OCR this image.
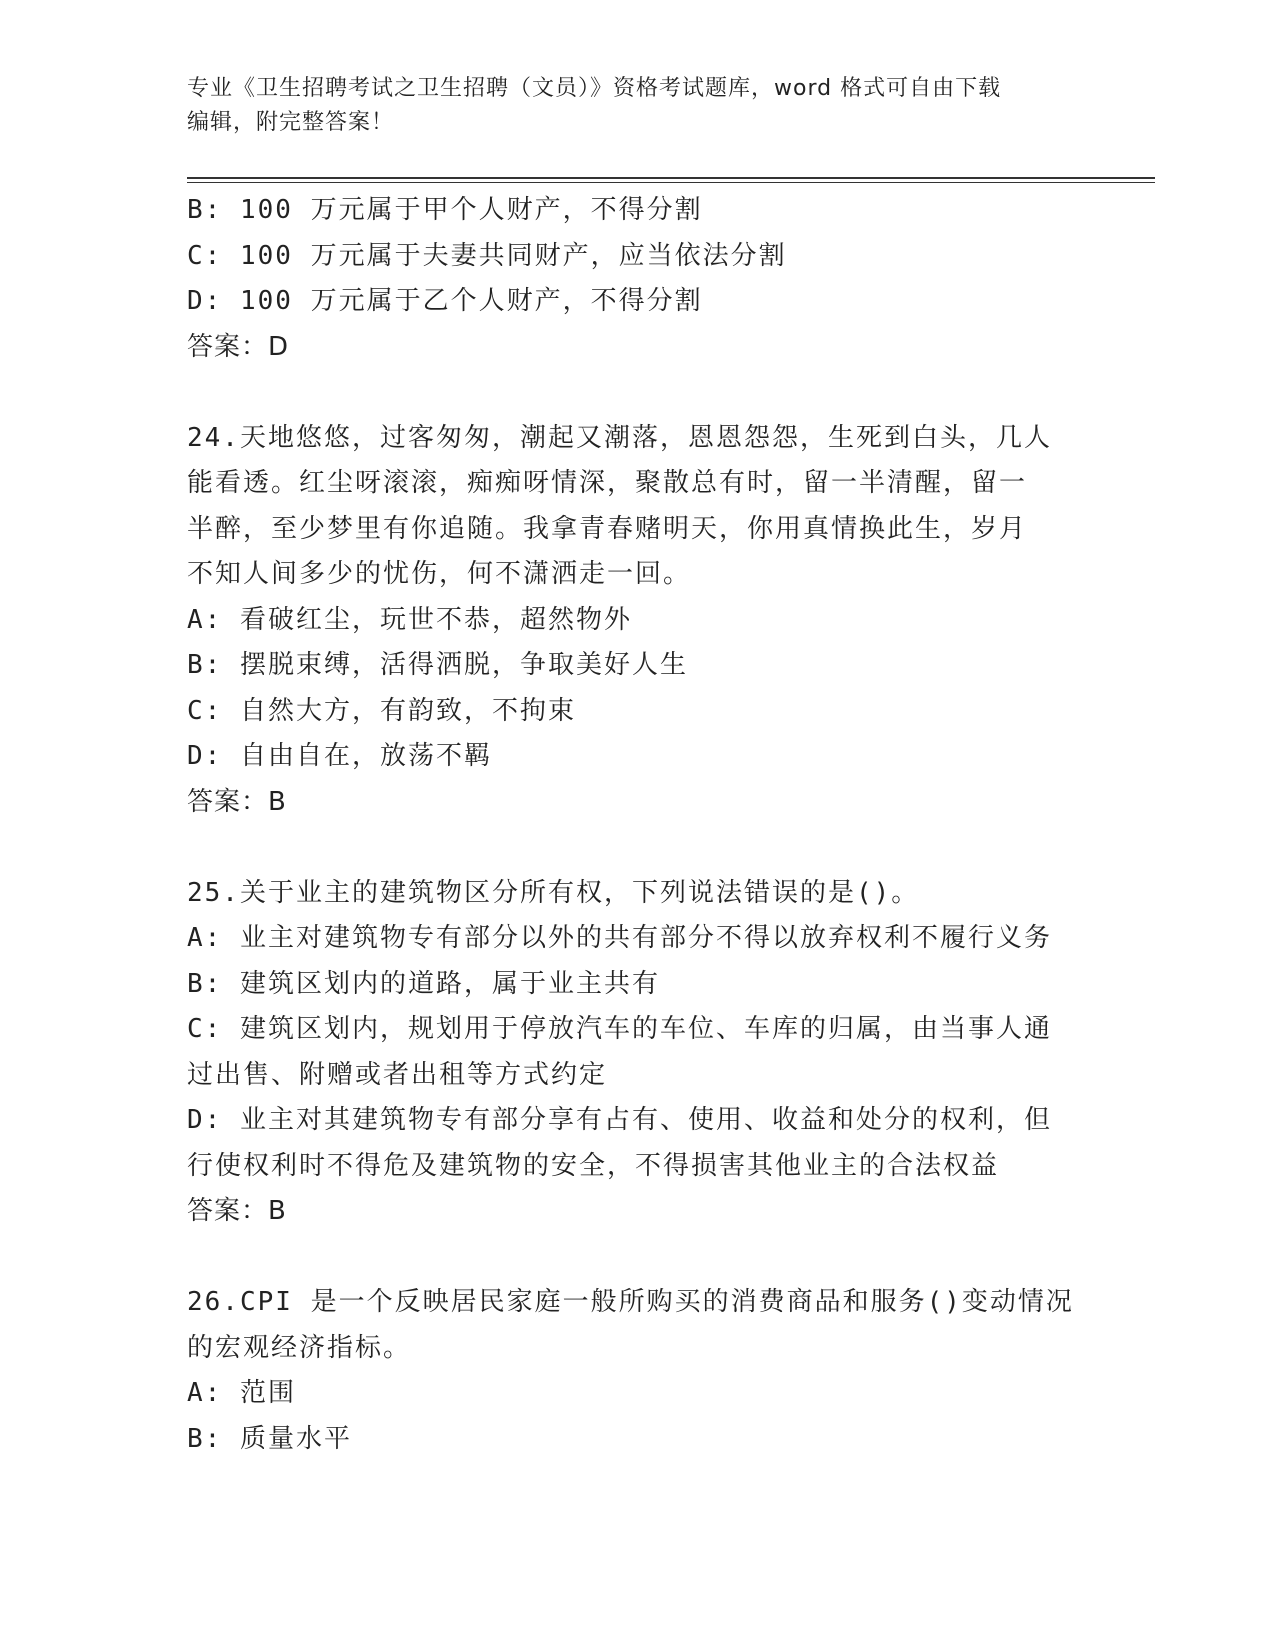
专业《卫生招聘考试之卫生招聘（文员）》资格考试题库，word 格式可自由下载
编辑，附完整答案！
B: 100 万元属于甲个人财产，不得分割
C: 100 万元属于夫妻共同财产，应当依法分割
D: 100 万元属于乙个人财产，不得分割
答案：D
24.天地悠悠，过客匆匆，潮起又潮落，恩恩怨怨，生死到白头，几人
能看透。红尘呀滚滚，痴痴呀情深，聚散总有时，留一半清醒，留一
半醉，至少梦里有你追随。我拿青春赌明天，你用真情换此生，岁月
不知人间多少的忧伤，何不潇洒走一回。
A: 看破红尘，玩世不恭，超然物外
B: 摆脱束缚，活得洒脱，争取美好人生
C: 自然大方，有韵致，不拘束
D: 自由自在，放荡不羁
答案：B
25.关于业主的建筑物区分所有权，下列说法错误的是()。
A: 业主对建筑物专有部分以外的共有部分不得以放弃权利不履行义务
B: 建筑区划内的道路，属于业主共有
C: 建筑区划内，规划用于停放汽车的车位、车库的归属，由当事人通
过出售、附赠或者出租等方式约定
D: 业主对其建筑物专有部分享有占有、使用、收益和处分的权利，但
行使权利时不得危及建筑物的安全，不得损害其他业主的合法权益
答案：B
26.CPI 是一个反映居民家庭一般所购买的消费商品和服务()变动情况
的宏观经济指标。
A: 范围
B: 质量水平
